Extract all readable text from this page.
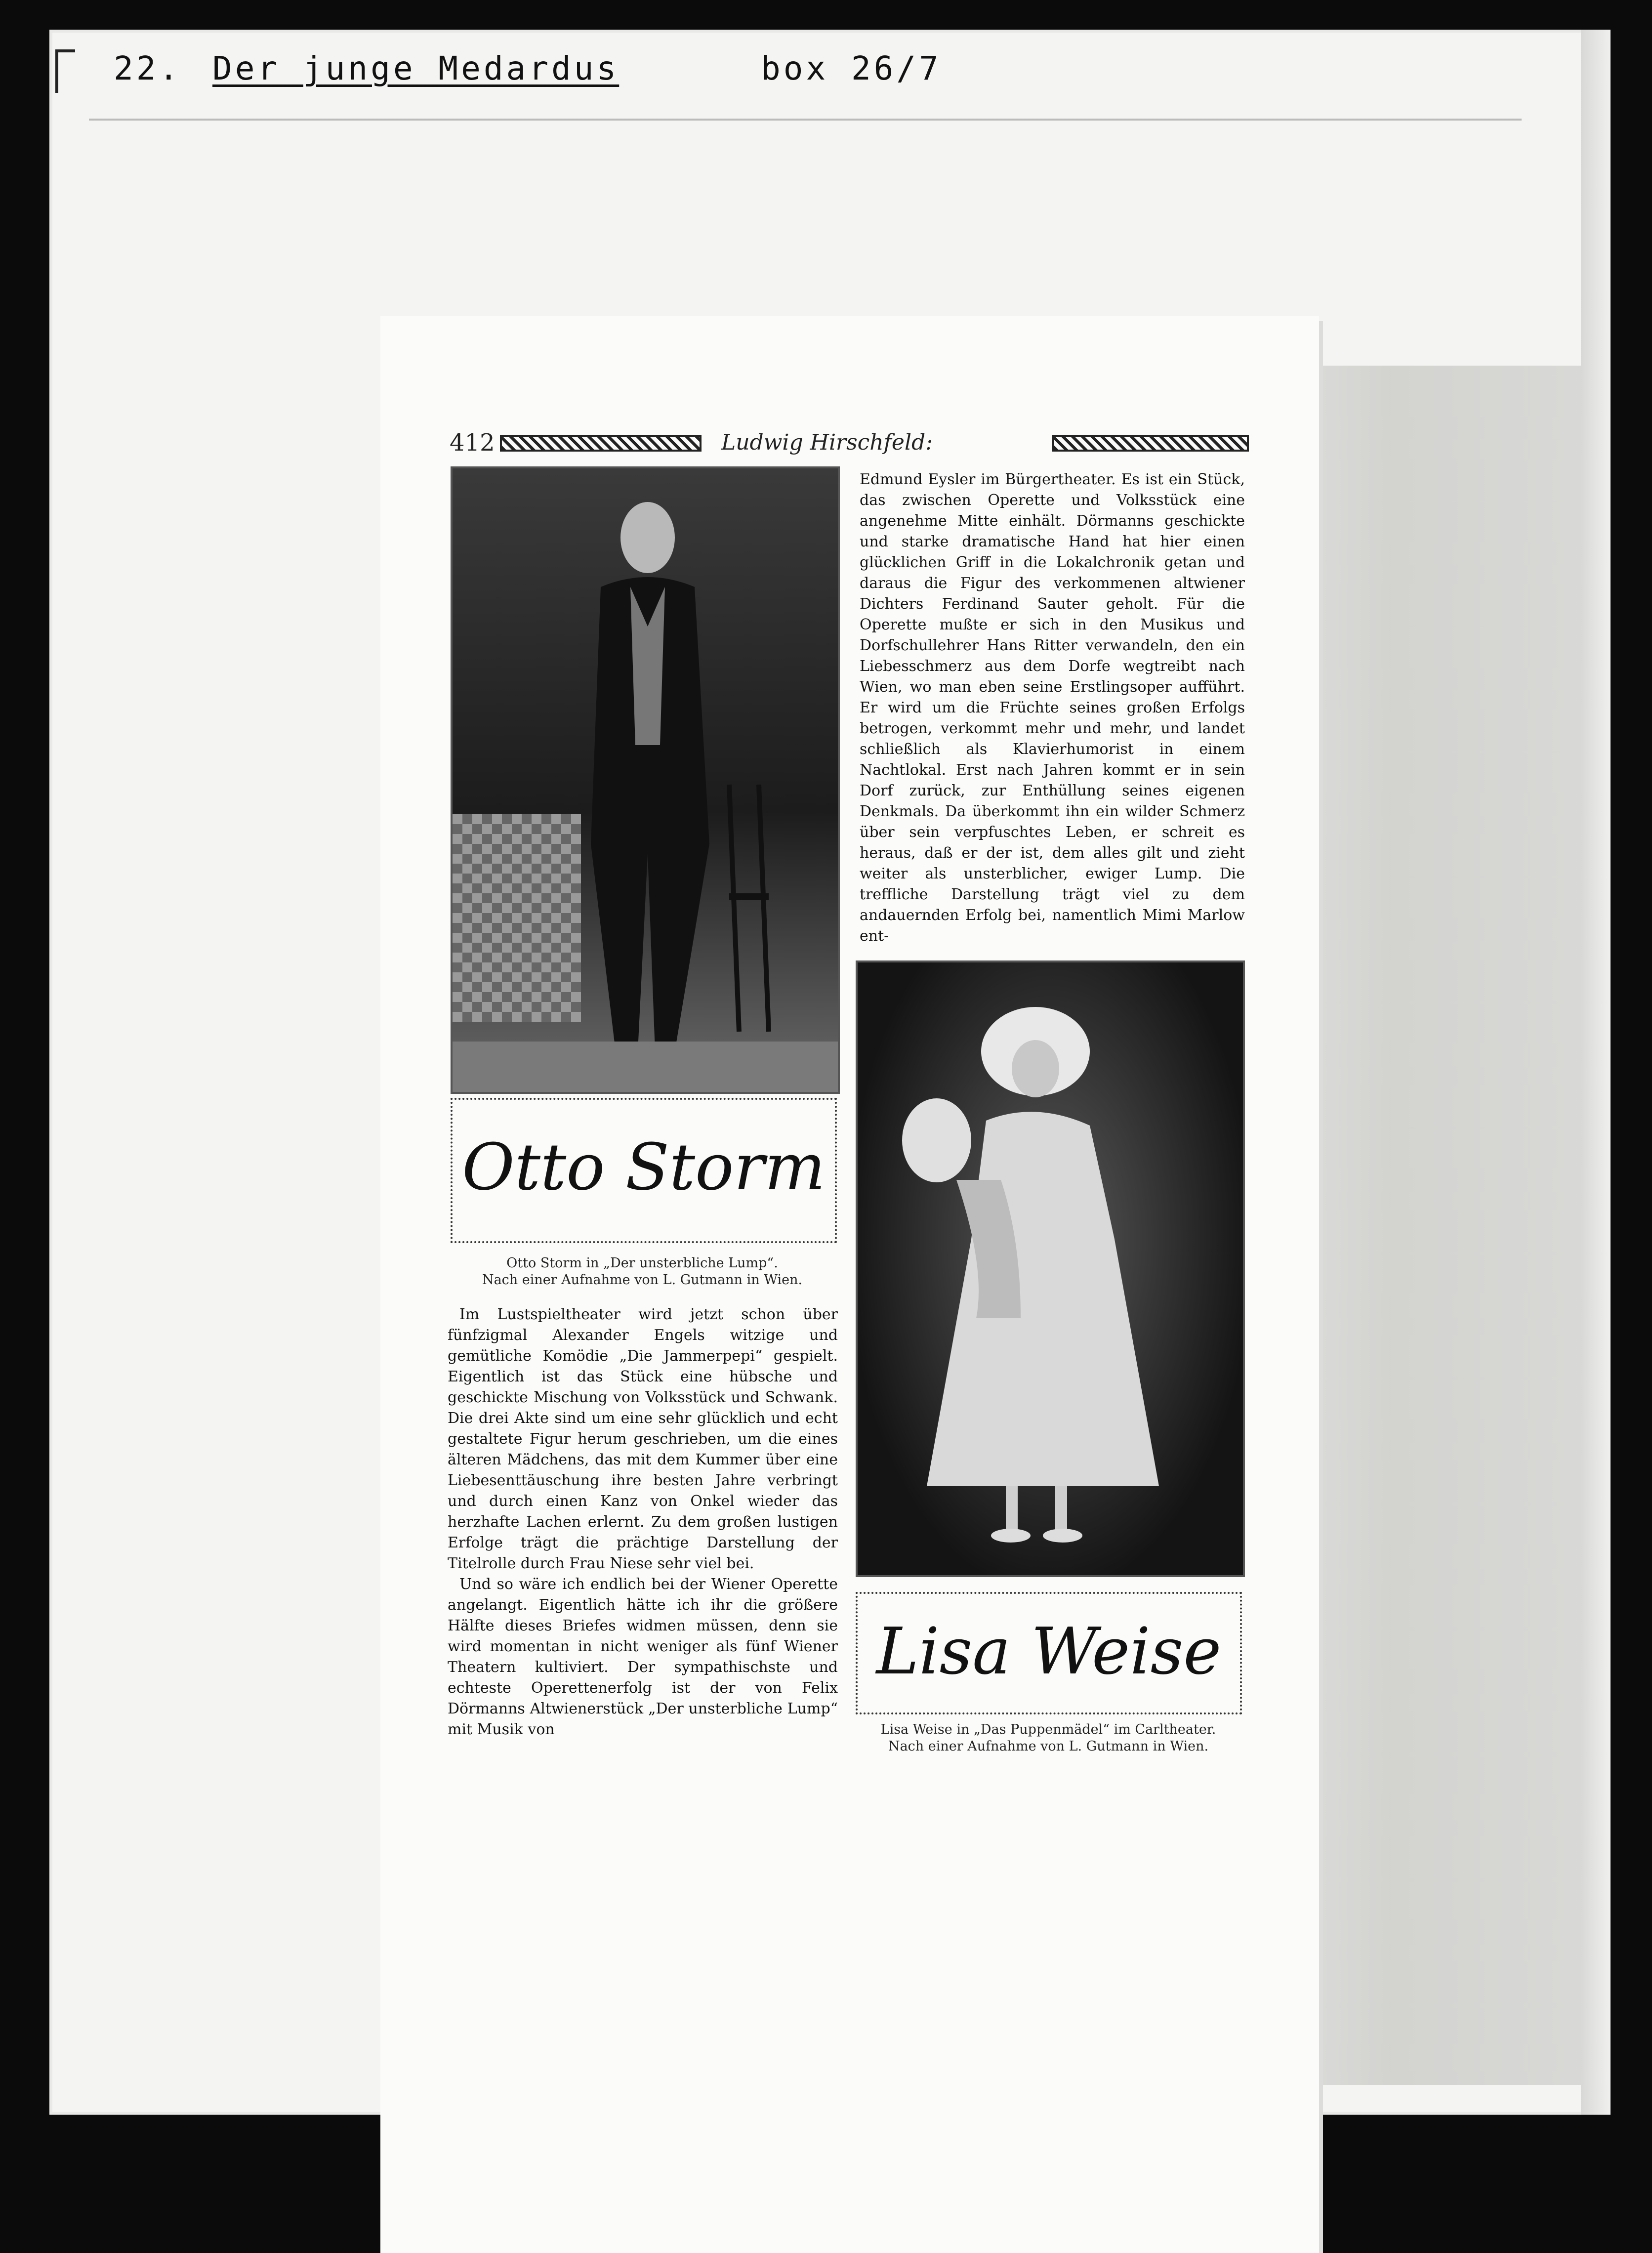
22. Der junge Medardus	box 26/7
412	Ludwig Hirschfeld:
Otto Storm
Otto Storm in „Der unsterbliche Lump“.
Nach einer Aufnahme von L. Gutmann in Wien.

Edmund Eysler im Bürgertheater. Es ist ein Stück, das zwischen Operette und Volksstück eine angenehme Mitte einhält. Dörmanns geschickte und starke dramatische Hand hat hier einen glücklichen Griff in die Lokalchronik getan und daraus die Figur des verkommenen altwiener Dichters Ferdinand Sauter geholt. Für die Operette mußte er sich in den Musikus und Dorfschullehrer Hans Ritter verwandeln, den ein Liebesschmerz aus dem Dorfe wegtreibt nach Wien, wo man eben seine Erstlingsoper aufführt. Er wird um die Früchte seines großen Erfolgs betrogen, verkommt mehr und mehr, und landet schließlich als Klavierhumorist in einem Nachtlokal. Erst nach Jahren kommt er in sein Dorf zurück, zur Enthüllung seines eigenen Denkmals. Da überkommt ihn ein wilder Schmerz über sein verpfuschtes Leben, er schreit es heraus, daß er der ist, dem alles gilt und zieht weiter als unsterblicher, ewiger Lump. Die treffliche Darstellung trägt viel zu dem andauernden Erfolg bei, namentlich Mimi Marlow ent-

Lisa Weise
Lisa Weise in „Das Puppenmädel“ im Carltheater.
Nach einer Aufnahme von L. Gutmann in Wien.

Im Lustspieltheater wird jetzt schon über fünfzigmal Alexander Engels witzige und gemütliche Komödie „Die Jammerpepi“ gespielt. Eigentlich ist das Stück eine hübsche und geschickte Mischung von Volksstück und Schwank. Die drei Akte sind um eine sehr glücklich und echt gestaltete Figur herum geschrieben, um die eines älteren Mädchens, das mit dem Kummer über eine Liebesenttäuschung ihre besten Jahre verbringt und durch einen Kanz von Onkel wieder das herzhafte Lachen erlernt. Zu dem großen lustigen Erfolge trägt die prächtige Darstellung der Titelrolle durch Frau Niese sehr viel bei.

Und so wäre ich endlich bei der Wiener Operette angelangt. Eigentlich hätte ich ihr die größere Hälfte dieses Briefes widmen müssen, denn sie wird momentan in nicht weniger als fünf Wiener Theatern kultiviert. Der sympathischste und echteste Operettenerfolg ist der von Felix Dörmanns Altwienerstück „Der unsterbliche Lump“ mit Musik von
